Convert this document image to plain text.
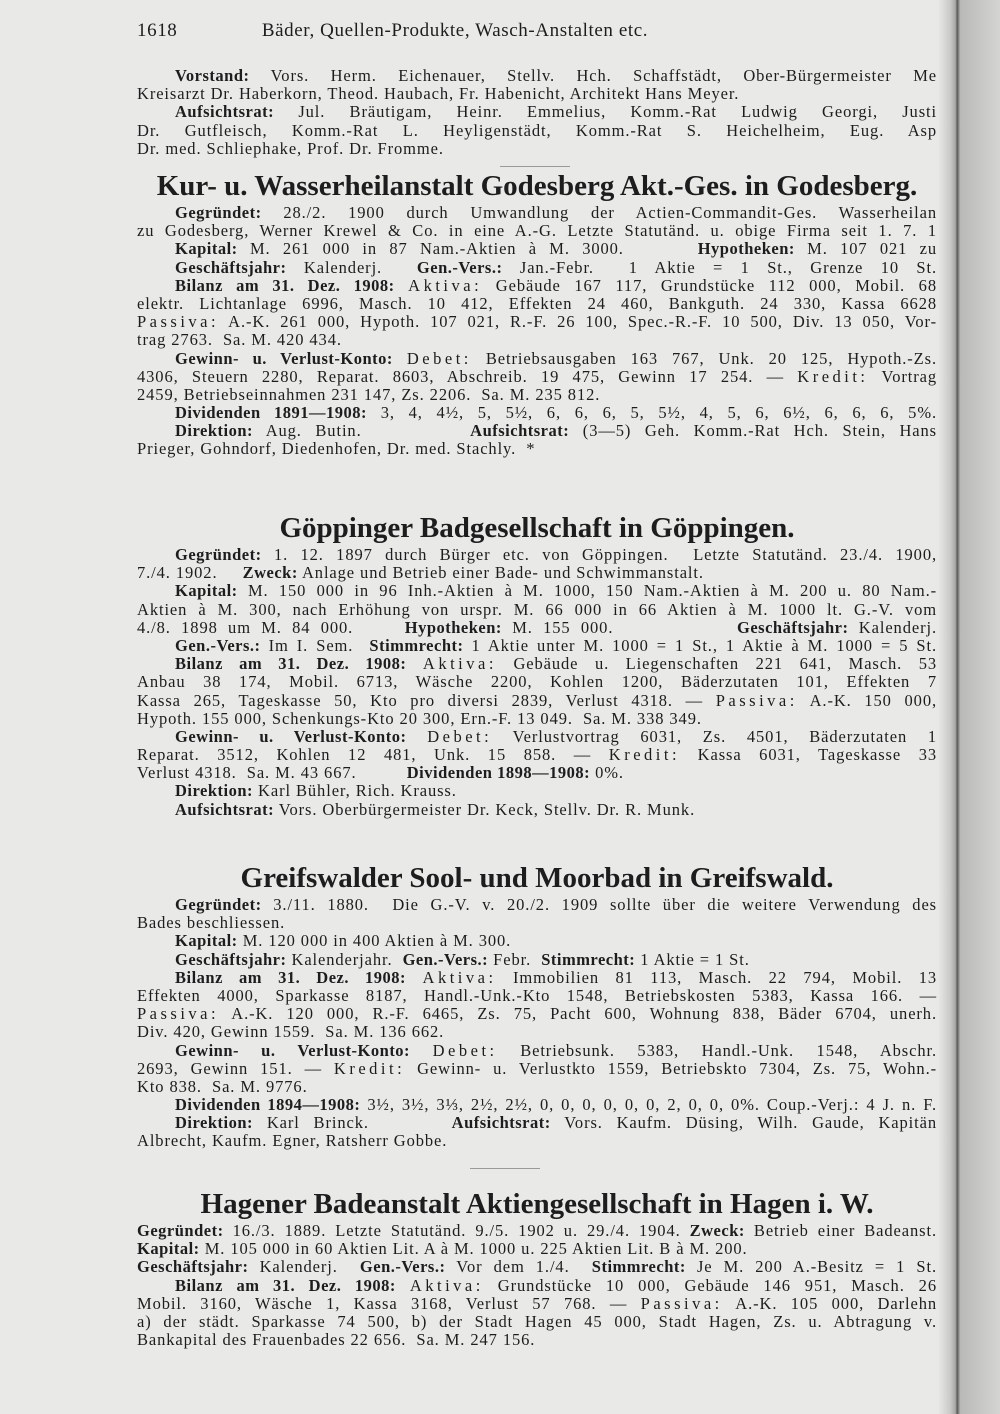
1618	Bäder, Quellen-Produkte, Wasch-Anstalten etc.
Vorstand: Vors. Herm. Eichenauer, Stellv. Hch. Schaffstädt, Ober-Bürgermeister Me
Kreisarzt Dr. Haberkorn, Theod. Haubach, Fr. Habenicht, Architekt Hans Meyer.
Aufsichtsrat: Jul. Bräutigam, Heinr. Emmelius, Komm.-Rat Ludwig Georgi, Justi
Dr. Gutfleisch, Komm.-Rat L. Heyligenstädt, Komm.-Rat S. Heichelheim, Eug. Asp
Dr. med. Schliephake, Prof. Dr. Fromme.
Kur- u. Wasserheilanstalt Godesberg Akt.-Ges. in Godesberg.
Gegründet: 28./2. 1900 durch Umwandlung der Actien-Commandit-Ges. Wasserheilan
zu Godesberg, Werner Krewel & Co. in eine A.-G. Letzte Statutänd. u. obige Firma seit 1. 7. 1
Kapital: M. 261 000 in 87 Nam.-Aktien à M. 3000.      Hypotheken: M. 107 021 zu
Geschäftsjahr: Kalenderj.  Gen.-Vers.: Jan.-Febr.  1 Aktie = 1 St., Grenze 10 St.
Bilanz am 31. Dez. 1908: Aktiva: Gebäude 167 117, Grundstücke 112 000, Mobil. 68
elektr. Lichtanlage 6996, Masch. 10 412, Effekten 24 460, Bankguth. 24 330, Kassa 6628
Passiva: A.-K. 261 000, Hypoth. 107 021, R.-F. 26 100, Spec.-R.-F. 10 500, Div. 13 050, Vor-
trag 2763.  Sa. M. 420 434.
Gewinn- u. Verlust-Konto: Debet: Betriebsausgaben 163 767, Unk. 20 125, Hypoth.-Zs.
4306, Steuern 2280, Reparat. 8603, Abschreib. 19 475, Gewinn 17 254. — Kredit: Vortrag
2459, Betriebseinnahmen 231 147, Zs. 2206.  Sa. M. 235 812.
Dividenden 1891—1908: 3, 4, 4½, 5, 5½, 6, 6, 6, 5, 5½, 4, 5, 6, 6½, 6, 6, 6, 5%.
Direktion: Aug. Butin.        Aufsichtsrat: (3—5) Geh. Komm.-Rat Hch. Stein, Hans
Prieger, Gohndorf, Diedenhofen, Dr. med. Stachly.  *
Göppinger Badgesellschaft in Göppingen.
Gegründet: 1. 12. 1897 durch Bürger etc. von Göppingen.  Letzte Statutänd. 23./4. 1900,
7./4. 1902.     Zweck: Anlage und Betrieb einer Bade- und Schwimmanstalt.
Kapital: M. 150 000 in 96 Inh.-Aktien à M. 1000, 150 Nam.-Aktien à M. 200 u. 80 Nam.-
Aktien à M. 300, nach Erhöhung von urspr. M. 66 000 in 66 Aktien à M. 1000 lt. G.-V. vom
4./8. 1898 um M. 84 000.     Hypotheken: M. 155 000.            Geschäftsjahr: Kalenderj.
Gen.-Vers.: Im I. Sem.  Stimmrecht: 1 Aktie unter M. 1000 = 1 St., 1 Aktie à M. 1000 = 5 St.
Bilanz am 31. Dez. 1908: Aktiva: Gebäude u. Liegenschaften 221 641, Masch. 53
Anbau 38 174, Mobil. 6713, Wäsche 2200, Kohlen 1200, Bäderzutaten 101, Effekten 7
Kassa 265, Tageskasse 50, Kto pro diversi 2839, Verlust 4318. — Passiva: A.-K. 150 000,
Hypoth. 155 000, Schenkungs-Kto 20 300, Ern.-F. 13 049.  Sa. M. 338 349.
Gewinn- u. Verlust-Konto: Debet: Verlustvortrag 6031, Zs. 4501, Bäderzutaten 1
Reparat. 3512, Kohlen 12 481, Unk. 15 858. — Kredit: Kassa 6031, Tageskasse 33
Verlust 4318.  Sa. M. 43 667.          Dividenden 1898—1908: 0%.
Direktion: Karl Bühler, Rich. Krauss.
Aufsichtsrat: Vors. Oberbürgermeister Dr. Keck, Stellv. Dr. R. Munk.
Greifswalder Sool- und Moorbad in Greifswald.
Gegründet: 3./11. 1880.  Die G.-V. v. 20./2. 1909 sollte über die weitere Verwendung des
Bades beschliessen.
Kapital: M. 120 000 in 400 Aktien à M. 300.
Geschäftsjahr: Kalenderjahr.  Gen.-Vers.: Febr.  Stimmrecht: 1 Aktie = 1 St.
Bilanz am 31. Dez. 1908: Aktiva: Immobilien 81 113, Masch. 22 794, Mobil. 13
Effekten 4000, Sparkasse 8187, Handl.-Unk.-Kto 1548, Betriebskosten 5383, Kassa 166. —
Passiva: A.-K. 120 000, R.-F. 6465, Zs. 75, Pacht 600, Wohnung 838, Bäder 6704, unerh.
Div. 420, Gewinn 1559.  Sa. M. 136 662.
Gewinn- u. Verlust-Konto: Debet: Betriebsunk. 5383, Handl.-Unk. 1548, Abschr.
2693, Gewinn 151. — Kredit: Gewinn- u. Verlustkto 1559, Betriebskto 7304, Zs. 75, Wohn.-
Kto 838.  Sa. M. 9776.
Dividenden 1894—1908: 3½, 3½, 3⅓, 2½, 2½, 0, 0, 0, 0, 0, 0, 2, 0, 0, 0%. Coup.-Verj.: 4 J. n. F.
Direktion: Karl Brinck.      Aufsichtsrat: Vors. Kaufm. Düsing, Wilh. Gaude, Kapitän
Albrecht, Kaufm. Egner, Ratsherr Gobbe.
Hagener Badeanstalt Aktiengesellschaft in Hagen i. W.
Gegründet: 16./3. 1889. Letzte Statutänd. 9./5. 1902 u. 29./4. 1904. Zweck: Betrieb einer Badeanst.
Kapital: M. 105 000 in 60 Aktien Lit. A à M. 1000 u. 225 Aktien Lit. B à M. 200.
Geschäftsjahr: Kalenderj.  Gen.-Vers.: Vor dem 1./4.  Stimmrecht: Je M. 200 A.-Besitz = 1 St.
Bilanz am 31. Dez. 1908: Aktiva: Grundstücke 10 000, Gebäude 146 951, Masch. 26
Mobil. 3160, Wäsche 1, Kassa 3168, Verlust 57 768. — Passiva: A.-K. 105 000, Darlehn
a) der städt. Sparkasse 74 500, b) der Stadt Hagen 45 000, Stadt Hagen, Zs. u. Abtragung v.
Bankapital des Frauenbades 22 656.  Sa. M. 247 156.
